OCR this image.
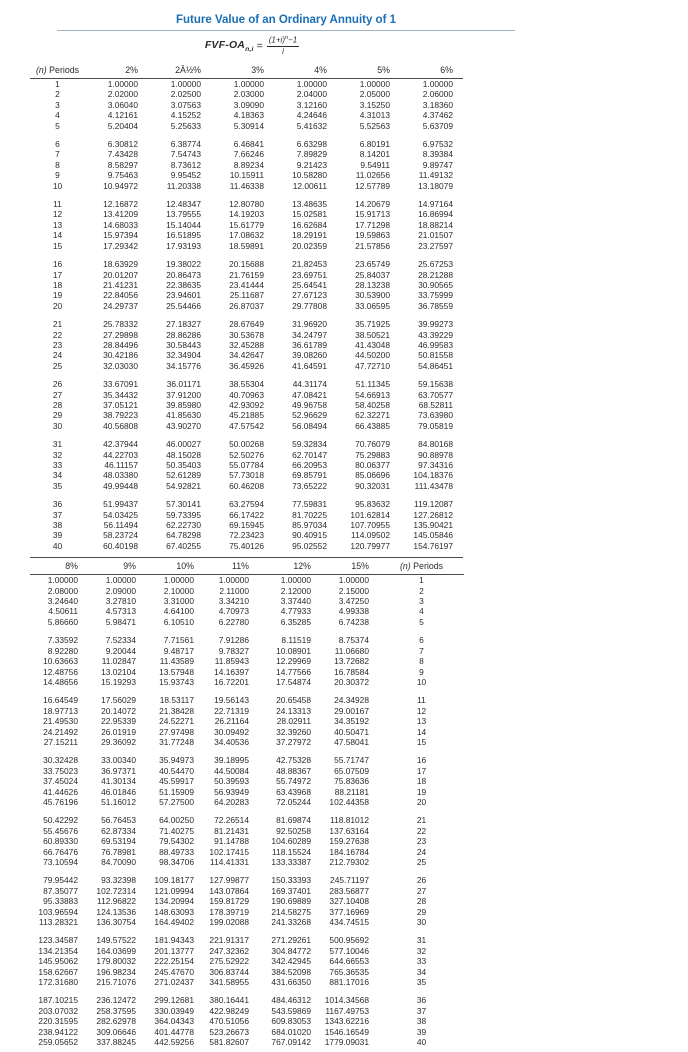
Future Value of an Ordinary Annuity of 1
FVF-$OA_{n,i} = \frac{(1+i)^n-1}{i}$
(n) Periods	2%	2Â½%	3%	4%	5%	6%
1	1.00000	1.00000	1.00000	1.00000	1.00000	1.00000
2	2.02000	2.02500	2.03000	2.04000	2.05000	2.06000
3	3.06040	3.07563	3.09090	3.12160	3.15250	3.18360
4	4.12161	4.15252	4.18363	4.24646	4.31013	4.37462
5	5.20404	5.25633	5.30914	5.41632	5.52563	5.63709
6	6.30812	6.38774	6.46841	6.63298	6.80191	6.97532
7	7.43428	7.54743	7.66246	7.89829	8.14201	8.39384
8	8.58297	8.73612	8.89234	9.21423	9.54911	9.89747
9	9.75463	9.95452	10.15911	10.58280	11.02656	11.49132
10	10.94972	11.20338	11.46338	12.00611	12.57789	13.18079
11	12.16872	12.48347	12.80780	13.48635	14.20679	14.97164
12	13.41209	13.79555	14.19203	15.02581	15.91713	16.86994
13	14.68033	15.14044	15.61779	16.62684	17.71298	18.88214
14	15.97394	16.51895	17.08632	18.29191	19.59863	21.01507
15	17.29342	17.93193	18.59891	20.02359	21.57856	23.27597
16	18.63929	19.38022	20.15688	21.82453	23.65749	25.67253
17	20.01207	20.86473	21.76159	23.69751	25.84037	28.21288
18	21.41231	22.38635	23.41444	25.64541	28.13238	30.90565
19	22.84056	23.94601	25.11687	27.67123	30.53900	33.75999
20	24.29737	25.54466	26.87037	29.77808	33.06595	36.78559
21	25.78332	27.18327	28.67649	31.96920	35.71925	39.99273
22	27.29898	28.86286	30.53678	34.24797	38.50521	43.39229
23	28.84496	30.58443	32.45288	36.61789	41.43048	46.99583
24	30.42186	32.34904	34.42647	39.08260	44.50200	50.81558
25	32.03030	34.15776	36.45926	41.64591	47.72710	54.86451
26	33.67091	36.01171	38.55304	44.31174	51.11345	59.15638
27	35.34432	37.91200	40.70963	47.08421	54.66913	63.70577
28	37.05121	39.85980	42.93092	49.96758	58.40258	68.52811
29	38.79223	41.85630	45.21885	52.96629	62.32271	73.63980
30	40.56808	43.90270	47.57542	56.08494	66.43885	79.05819
31	42.37944	46.00027	50.00268	59.32834	70.76079	84.80168
32	44.22703	48.15028	52.50276	62.70147	75.29883	90.88978
33	46.11157	50.35403	55.07784	66.20953	80.06377	97.34316
34	48.03380	52.61289	57.73018	69.85791	85.06696	104.18376
35	49.99448	54.92821	60.46208	73.65222	90.32031	111.43478
36	51.99437	57.30141	63.27594	77.59831	95.83632	119.12087
37	54.03425	59.73395	66.17422	81.70225	101.62814	127.26812
38	56.11494	62.22730	69.15945	85.97034	107.70955	135.90421
39	58.23724	64.78298	72.23423	90.40915	114.09502	145.05846
40	60.40198	67.40255	75.40126	95.02552	120.79977	154.76197
8%	9%	10%	11%	12%	15%	(n) Periods
1.00000	1.00000	1.00000	1.00000	1.00000	1.00000	1
2.08000	2.09000	2.10000	2.11000	2.12000	2.15000	2
3.24640	3.27810	3.31000	3.34210	3.37440	3.47250	3
4.50611	4.57313	4.64100	4.70973	4.77933	4.99338	4
5.86660	5.98471	6.10510	6.22780	6.35285	6.74238	5
7.33592	7.52334	7.71561	7.91286	8.11519	8.75374	6
8.92280	9.20044	9.48717	9.78327	10.08901	11.06680	7
10.63663	11.02847	11.43589	11.85943	12.29969	13.72682	8
12.48756	13.02104	13.57948	14.16397	14.77566	16.78584	9
14.48656	15.19293	15.93743	16.72201	17.54874	20.30372	10
16.64549	17.56029	18.53117	19.56143	20.65458	24.34928	11
18.97713	20.14072	21.38428	22.71319	24.13313	29.00167	12
21.49530	22.95339	24.52271	26.21164	28.02911	34.35192	13
24.21492	26.01919	27.97498	30.09492	32.39260	40.50471	14
27.15211	29.36092	31.77248	34.40536	37.27972	47.58041	15
30.32428	33.00340	35.94973	39.18995	42.75328	55.71747	16
33.75023	36.97371	40.54470	44.50084	48.88367	65.07509	17
37.45024	41.30134	45.59917	50.39593	55.74972	75.83636	18
41.44626	46.01846	51.15909	56.93949	63.43968	88.21181	19
45.76196	51.16012	57.27500	64.20283	72.05244	102.44358	20
50.42292	56.76453	64.00250	72.26514	81.69874	118.81012	21
55.45676	62.87334	71.40275	81.21431	92.50258	137.63164	22
60.89330	69.53194	79.54302	91.14788	104.60289	159.27638	23
66.76476	76.78981	88.49733	102.17415	118.15524	184.16784	24
73.10594	84.70090	98.34706	114.41331	133.33387	212.79302	25
79.95442	93.32398	109.18177	127.99877	150.33393	245.71197	26
87.35077	102.72314	121.09994	143.07864	169.37401	283.56877	27
95.33883	112.96822	134.20994	159.81729	190.69889	327.10408	28
103.96594	124.13536	148.63093	178.39719	214.58275	377.16969	29
113.28321	136.30754	164.49402	199.02088	241.33268	434.74515	30
123.34587	149.57522	181.94343	221.91317	271.29261	500.95692	31
134.21354	164.03699	201.13777	247.32362	304.84772	577.10046	32
145.95062	179.80032	222.25154	275.52922	342.42945	644.66553	33
158.62667	196.98234	245.47670	306.83744	384.52098	765.36535	34
172.31680	215.71076	271.02437	341.58955	431.66350	881.17016	35
187.10215	236.12472	299.12681	380.16441	484.46312	1014.34568	36
203.07032	258.37595	330.03949	422.98249	543.59869	1167.49753	37
220.31595	282.62978	364.04343	470.51056	609.83053	1343.62216	38
238.94122	309.06646	401.44778	523.26673	684.01020	1546.16549	39
259.05652	337.88245	442.59256	581.82607	767.09142	1779.09031	40
